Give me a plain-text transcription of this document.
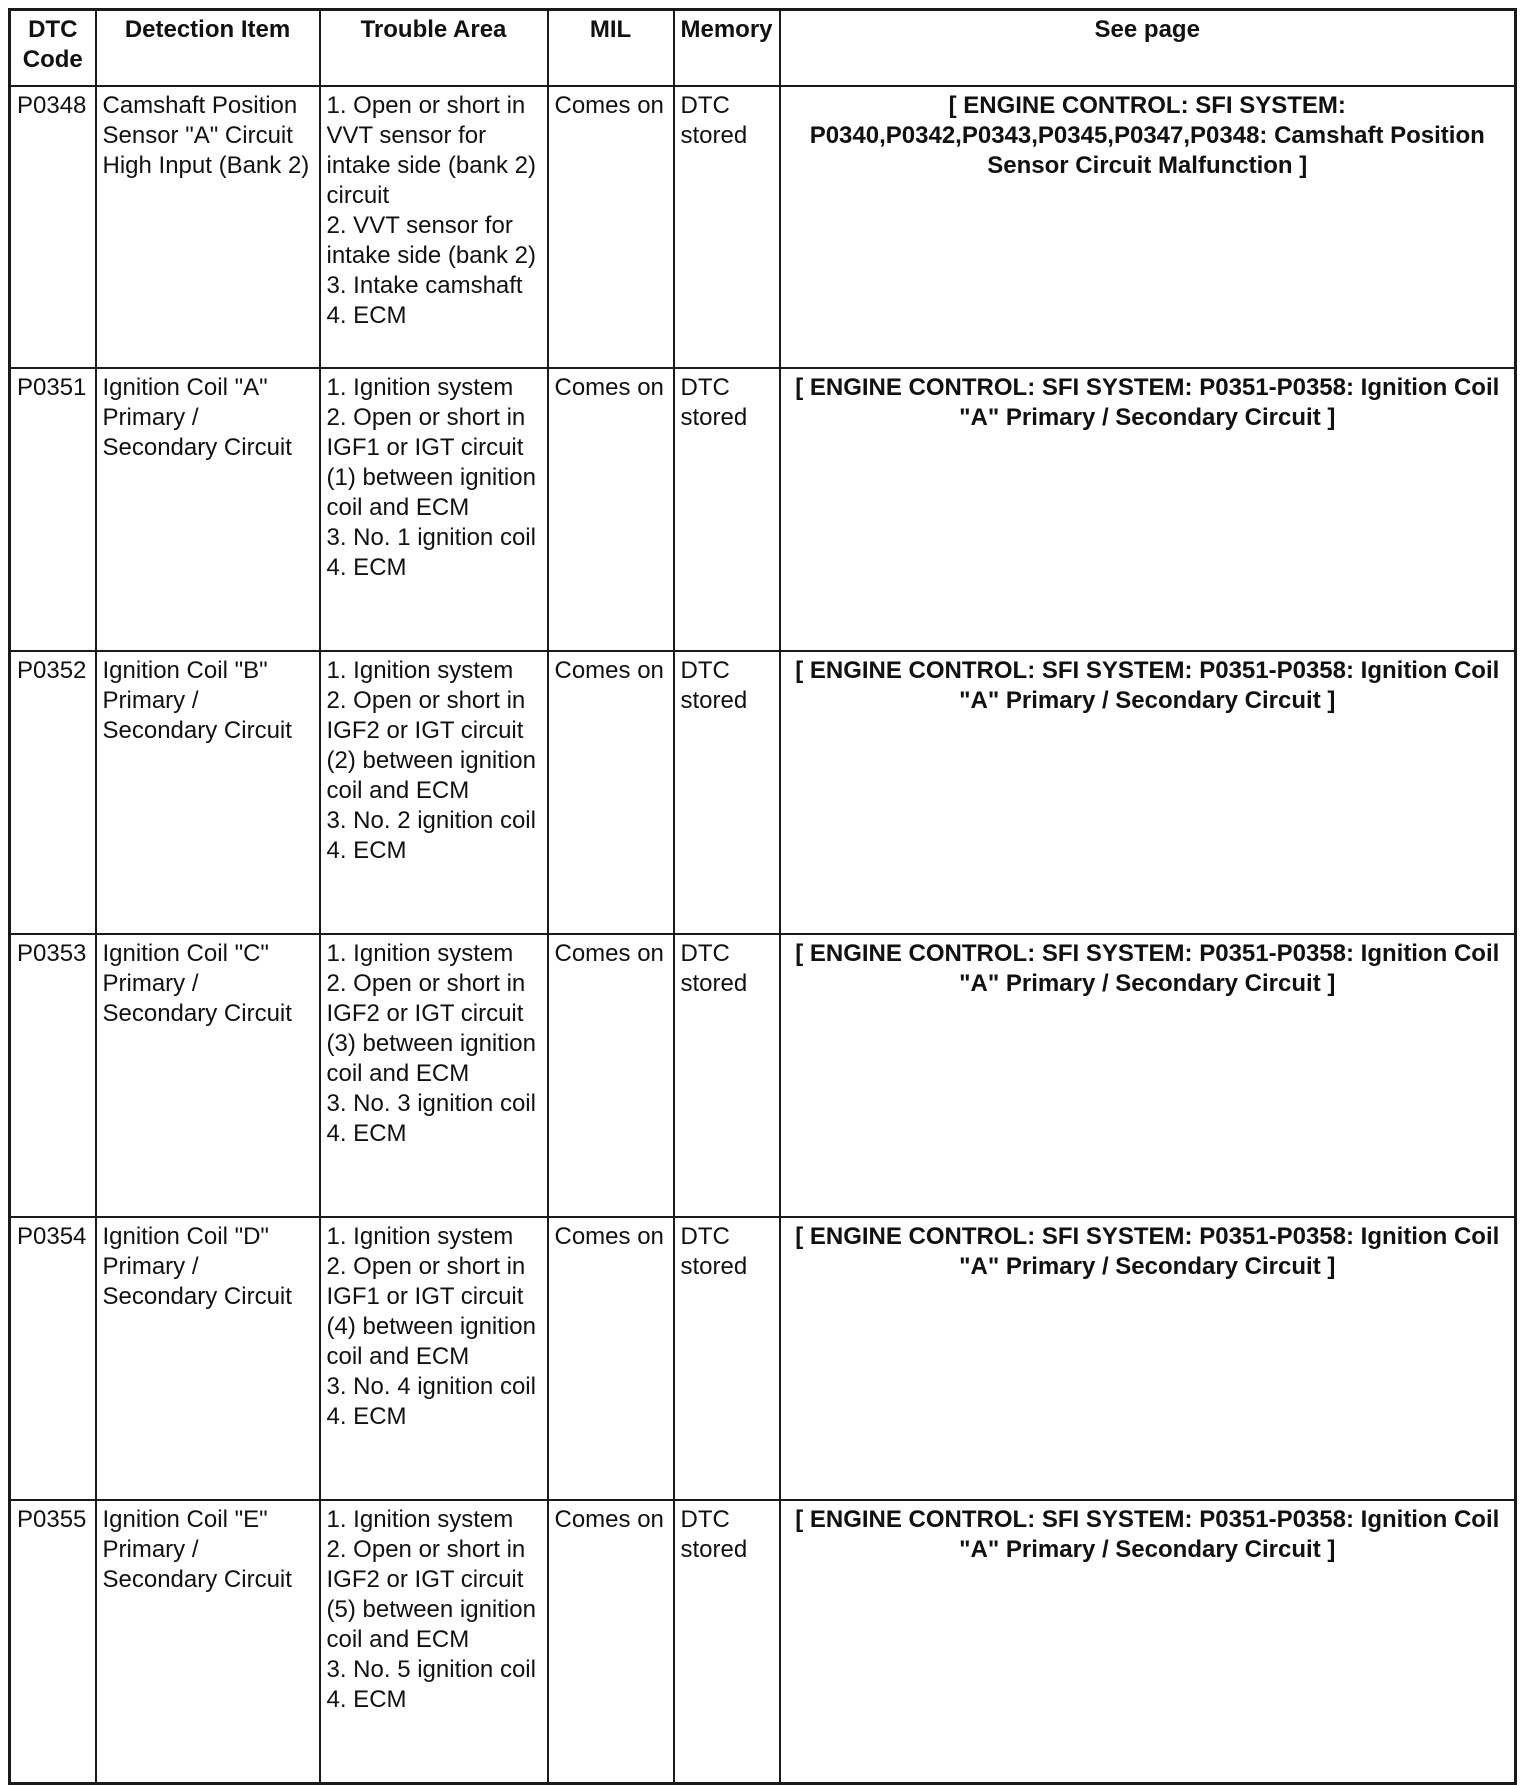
DTC Code	Detection Item	Trouble Area	MIL	Memory	See page
P0348	Camshaft Position Sensor "A" Circuit High Input (Bank 2)	1. Open or short in VVT sensor for intake side (bank 2) circuit
2. VVT sensor for intake side (bank 2)
3. Intake camshaft
4. ECM	Comes on	DTC stored	[ ENGINE CONTROL: SFI SYSTEM: P0340,P0342,P0343,P0345,P0347,P0348: Camshaft Position Sensor Circuit Malfunction ]
P0351	Ignition Coil "A" Primary / Secondary Circuit	1. Ignition system
2. Open or short in IGF1 or IGT circuit (1) between ignition coil and ECM
3. No. 1 ignition coil
4. ECM	Comes on	DTC stored	[ ENGINE CONTROL: SFI SYSTEM: P0351-P0358: Ignition Coil "A" Primary / Secondary Circuit ]
P0352	Ignition Coil "B" Primary / Secondary Circuit	1. Ignition system
2. Open or short in IGF2 or IGT circuit (2) between ignition coil and ECM
3. No. 2 ignition coil
4. ECM	Comes on	DTC stored	[ ENGINE CONTROL: SFI SYSTEM: P0351-P0358: Ignition Coil "A" Primary / Secondary Circuit ]
P0353	Ignition Coil "C" Primary / Secondary Circuit	1. Ignition system
2. Open or short in IGF2 or IGT circuit (3) between ignition coil and ECM
3. No. 3 ignition coil
4. ECM	Comes on	DTC stored	[ ENGINE CONTROL: SFI SYSTEM: P0351-P0358: Ignition Coil "A" Primary / Secondary Circuit ]
P0354	Ignition Coil "D" Primary / Secondary Circuit	1. Ignition system
2. Open or short in IGF1 or IGT circuit (4) between ignition coil and ECM
3. No. 4 ignition coil
4. ECM	Comes on	DTC stored	[ ENGINE CONTROL: SFI SYSTEM: P0351-P0358: Ignition Coil "A" Primary / Secondary Circuit ]
P0355	Ignition Coil "E" Primary / Secondary Circuit	1. Ignition system
2. Open or short in IGF2 or IGT circuit (5) between ignition coil and ECM
3. No. 5 ignition coil
4. ECM	Comes on	DTC stored	[ ENGINE CONTROL: SFI SYSTEM: P0351-P0358: Ignition Coil "A" Primary / Secondary Circuit ]
